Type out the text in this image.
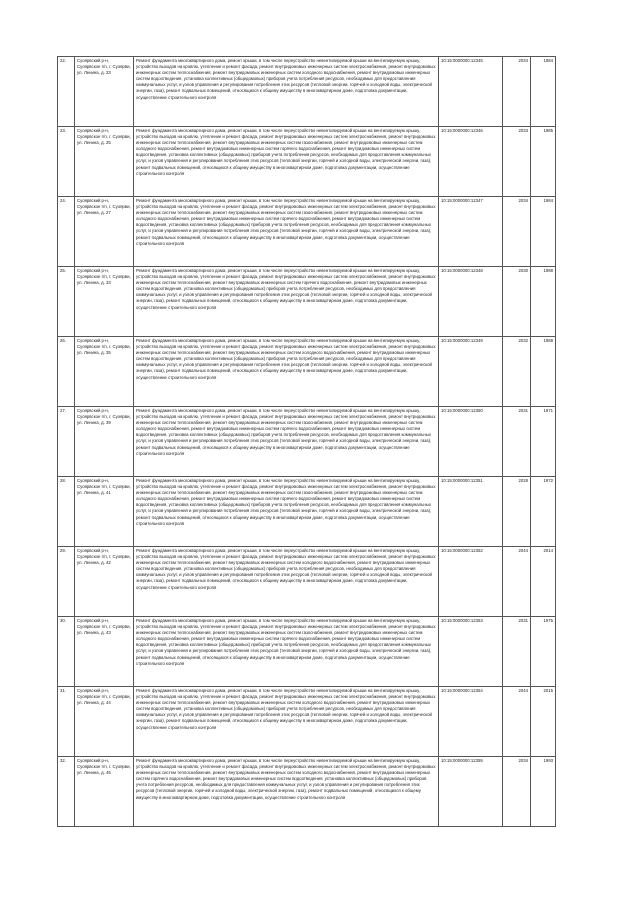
22.	Суоярвский р-н, Суоярвское г/п, г. Суоярви, ул. Ленина, д. 23	Ремонт фундамента многоквартирного дома, ремонт крыши, в том числе переустройство невентилируемой крыши на вентилируемую крышу, устройство выходов на кровлю, утепление и ремонт фасада, ремонт внутридомовых инженерных систем электроснабжения, ремонт внутридомовых инженерных систем теплоснабжения, ремонт внутридомовых инженерных систем холодного водоснабжения, ремонт внутридомовых инженерных систем водоотведения, установка коллективных (общедомовых) приборов учета потребления ресурсов, необходимых для предоставления коммунальных услуг, и узлов управления и регулирования потребления этих ресурсов (тепловой энергии, горячей и холодной воды, электрической энергии, газа), ремонт подвальных помещений, относящихся к общему имуществу в многоквартирном доме, подготовка документации, осуществление строительного контроля	10:15:0000000:12345	2034	1984
23.	Суоярвский р-н, Суоярвское г/п, г. Суоярви, ул. Ленина, д. 25	Ремонт фундамента многоквартирного дома, ремонт крыши, в том числе переустройство невентилируемой крыши на вентилируемую крышу, устройство выходов на кровлю, утепление и ремонт фасада, ремонт внутридомовых инженерных систем электроснабжения, ремонт внутридомовых инженерных систем теплоснабжения, ремонт внутридомовых инженерных систем газоснабжения, ремонт внутридомовых инженерных систем холодного водоснабжения, ремонт внутридомовых инженерных систем горячего водоснабжения, ремонт внутридомовых инженерных систем водоотведения, установка коллективных (общедомовых) приборов учета потребления ресурсов, необходимых для предоставления коммунальных услуг, и узлов управления и регулирования потребления этих ресурсов (тепловой энергии, горячей и холодной воды, электрической энергии, газа), ремонт подвальных помещений, относящихся к общему имуществу в многоквартирном доме, подготовка документации, осуществление строительного контроля	10:15:0000000:12346	2033	1985
24.	Суоярвский р-н, Суоярвское г/п, г. Суоярви, ул. Ленина, д. 27	Ремонт фундамента многоквартирного дома, ремонт крыши, в том числе переустройство невентилируемой крыши на вентилируемую крышу, устройство выходов на кровлю, утепление и ремонт фасада, ремонт внутридомовых инженерных систем электроснабжения, ремонт внутридомовых инженерных систем теплоснабжения, ремонт внутридомовых инженерных систем газоснабжения, ремонт внутридомовых инженерных систем холодного водоснабжения, ремонт внутридомовых инженерных систем горячего водоснабжения, ремонт внутридомовых инженерных систем водоотведения, установка коллективных (общедомовых) приборов учета потребления ресурсов, необходимых для предоставления коммунальных услуг, и узлов управления и регулирования потребления этих ресурсов (тепловой энергии, горячей и холодной воды, электрической энергии, газа), ремонт подвальных помещений, относящихся к общему имуществу в многоквартирном доме, подготовка документации, осуществление строительного контроля	10:15:0000000:12347	2034	1984
25.	Суоярвский р-н, Суоярвское г/п, г. Суоярви, ул. Ленина, д. 33	Ремонт фундамента многоквартирного дома, ремонт крыши, в том числе переустройство невентилируемой крыши на вентилируемую крышу, устройство выходов на кровлю, утепление и ремонт фасада, ремонт внутридомовых инженерных систем электроснабжения, ремонт внутридомовых инженерных систем теплоснабжения, ремонт внутридомовых инженерных систем горячего водоснабжения, ремонт внутридомовых инженерных систем водоотведения, установка коллективных (общедомовых) приборов учета потребления ресурсов, необходимых для предоставления коммунальных услуг, и узлов управления и регулирования потребления этих ресурсов (тепловой энергии, горячей и холодной воды, электрической энергии, газа), ремонт подвальных помещений, относящихся к общему имуществу в многоквартирном доме, подготовка документации, осуществление строительного контроля	10:15:0000000:12348	2030	1988
26.	Суоярвский р-н, Суоярвское г/п, г. Суоярви, ул. Ленина, д. 35	Ремонт фундамента многоквартирного дома, ремонт крыши, в том числе переустройство невентилируемой крыши на вентилируемую крышу, устройство выходов на кровлю, утепление и ремонт фасада, ремонт внутридомовых инженерных систем электроснабжения, ремонт внутридомовых инженерных систем теплоснабжения, ремонт внутридомовых инженерных систем холодного водоснабжения, ремонт внутридомовых инженерных систем водоотведения, установка коллективных (общедомовых) приборов учета потребления ресурсов, необходимых для предоставления коммунальных услуг, и узлов управления и регулирования потребления этих ресурсов (тепловой энергии, горячей и холодной воды, электрической энергии, газа), ремонт подвальных помещений, относящихся к общему имуществу в многоквартирном доме, подготовка документации, осуществление строительного контроля	10:15:0000000:12349	2032	1988
27.	Суоярвский р-н, Суоярвское г/п, г. Суоярви, ул. Ленина, д. 39	Ремонт фундамента многоквартирного дома, ремонт крыши, в том числе переустройство невентилируемой крыши на вентилируемую крышу, устройство выходов на кровлю, утепление и ремонт фасада, ремонт внутридомовых инженерных систем электроснабжения, ремонт внутридомовых инженерных систем теплоснабжения, ремонт внутридомовых инженерных систем газоснабжения, ремонт внутридомовых инженерных систем холодного водоснабжения, ремонт внутридомовых инженерных систем горячего водоснабжения, ремонт внутридомовых инженерных систем водоотведения, установка коллективных (общедомовых) приборов учета потребления ресурсов, необходимых для предоставления коммунальных услуг, и узлов управления и регулирования потребления этих ресурсов (тепловой энергии, горячей и холодной воды, электрической энергии, газа), ремонт подвальных помещений, относящихся к общему имуществу в многоквартирном доме, подготовка документации, осуществление строительного контроля	10:15:0000000:12350	2031	1971
28.	Суоярвский р-н, Суоярвское г/п, г. Суоярви, ул. Ленина, д. 41	Ремонт фундамента многоквартирного дома, ремонт крыши, в том числе переустройство невентилируемой крыши на вентилируемую крышу, устройство выходов на кровлю, утепление и ремонт фасада, ремонт внутридомовых инженерных систем электроснабжения, ремонт внутридомовых инженерных систем теплоснабжения, ремонт внутридомовых инженерных систем газоснабжения, ремонт внутридомовых инженерных систем холодного водоснабжения, ремонт внутридомовых инженерных систем горячего водоснабжения, ремонт внутридомовых инженерных систем водоотведения, установка коллективных (общедомовых) приборов учета потребления ресурсов, необходимых для предоставления коммунальных услуг, и узлов управления и регулирования потребления этих ресурсов (тепловой энергии, горячей и холодной воды, электрической энергии, газа), ремонт подвальных помещений, относящихся к общему имуществу в многоквартирном доме, подготовка документации, осуществление строительного контроля	10:15:0000000:12351	2028	1972
29.	Суоярвский р-н, Суоярвское г/п, г. Суоярви, ул. Ленина, д. 42	Ремонт фундамента многоквартирного дома, ремонт крыши, в том числе переустройство невентилируемой крыши на вентилируемую крышу, устройство выходов на кровлю, утепление и ремонт фасада, ремонт внутридомовых инженерных систем электроснабжения, ремонт внутридомовых инженерных систем теплоснабжения, ремонт внутридомовых инженерных систем холодного водоснабжения, ремонт внутридомовых инженерных систем водоотведения, установка коллективных (общедомовых) приборов учета потребления ресурсов, необходимых для предоставления коммунальных услуг, и узлов управления и регулирования потребления этих ресурсов (тепловой энергии, горячей и холодной воды, электрической энергии, газа), ремонт подвальных помещений, относящихся к общему имуществу в многоквартирном доме, подготовка документации, осуществление строительного контроля	10:15:0000000:12352	2044	2014
30.	Суоярвский р-н, Суоярвское г/п, г. Суоярви, ул. Ленина, д. 43	Ремонт фундамента многоквартирного дома, ремонт крыши, в том числе переустройство невентилируемой крыши на вентилируемую крышу, устройство выходов на кровлю, утепление и ремонт фасада, ремонт внутридомовых инженерных систем электроснабжения, ремонт внутридомовых инженерных систем теплоснабжения, ремонт внутридомовых инженерных систем газоснабжения, ремонт внутридомовых инженерных систем холодного водоснабжения, ремонт внутридомовых инженерных систем горячего водоснабжения, ремонт внутридомовых инженерных систем водоотведения, установка коллективных (общедомовых) приборов учета потребления ресурсов, необходимых для предоставления коммунальных услуг, и узлов управления и регулирования потребления этих ресурсов (тепловой энергии, горячей и холодной воды, электрической энергии, газа), ремонт подвальных помещений, относящихся к общему имуществу в многоквартирном доме, подготовка документации, осуществление строительного контроля	10:15:0000000:12353	2031	1975
31.	Суоярвский р-н, Суоярвское г/п, г. Суоярви, ул. Ленина, д. 44	Ремонт фундамента многоквартирного дома, ремонт крыши, в том числе переустройство невентилируемой крыши на вентилируемую крышу, устройство выходов на кровлю, утепление и ремонт фасада, ремонт внутридомовых инженерных систем электроснабжения, ремонт внутридомовых инженерных систем теплоснабжения, ремонт внутридомовых инженерных систем холодного водоснабжения, ремонт внутридомовых инженерных систем водоотведения, установка коллективных (общедомовых) приборов учета потребления ресурсов, необходимых для предоставления коммунальных услуг, и узлов управления и регулирования потребления этих ресурсов (тепловой энергии, горячей и холодной воды, электрической энергии, газа), ремонт подвальных помещений, относящихся к общему имуществу в многоквартирном доме, подготовка документации, осуществление строительного контроля	10:15:0000000:12354	2044	2015
32.	Суоярвский р-н, Суоярвское г/п, г. Суоярви, ул. Ленина, д. 45	Ремонт фундамента многоквартирного дома, ремонт крыши, в том числе переустройство невентилируемой крыши на вентилируемую крышу, устройство выходов на кровлю, утепление и ремонт фасада, ремонт внутридомовых инженерных систем электроснабжения, ремонт внутридомовых инженерных систем теплоснабжения, ремонт внутридомовых инженерных систем холодного водоснабжения, ремонт внутридомовых инженерных систем горячего водоснабжения, ремонт внутридомовых инженерных систем водоотведения, установка коллективных (общедомовых) приборов учета потребления ресурсов, необходимых для предоставления коммунальных услуг, и узлов управления и регулирования потребления этих ресурсов (тепловой энергии, горячей и холодной воды, электрической энергии, газа), ремонт подвальных помещений, относящихся к общему имуществу в многоквартирном доме, подготовка документации, осуществление строительного контроля	10:15:0000000:12355	2034	1993
